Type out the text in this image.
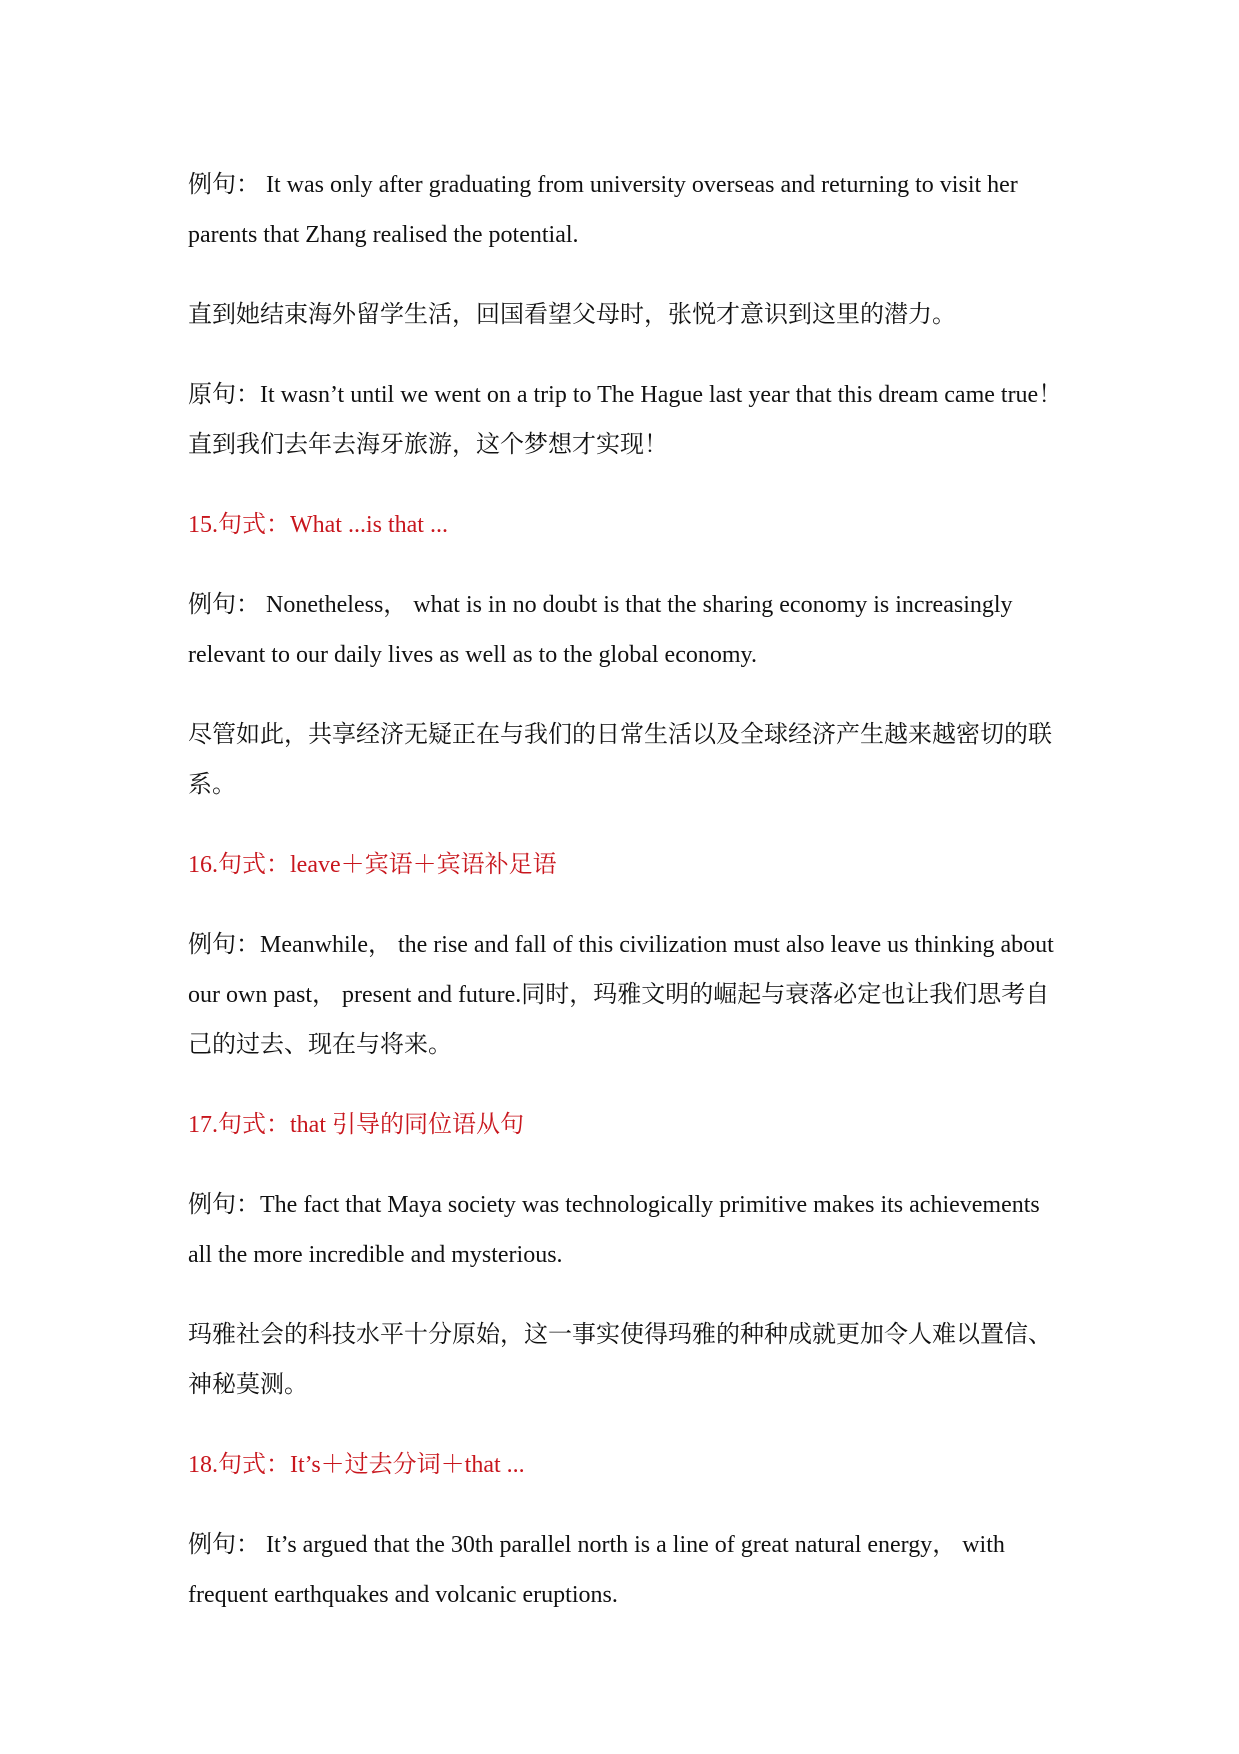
例句： It was only after graduating from university overseas and returning to visit her parents that Zhang realised the potential.

直到她结束海外留学生活，回国看望父母时，张悦才意识到这里的潜力。

原句：It wasn’t until we went on a trip to The Hague last year that this dream came true！直到我们去年去海牙旅游，这个梦想才实现！

15.句式：What ...is that ...

例句： Nonetheless， what is in no doubt is that the sharing economy is increasingly relevant to our daily lives as well as to the global economy.

尽管如此，共享经济无疑正在与我们的日常生活以及全球经济产生越来越密切的联系。

16.句式：leave＋宾语＋宾语补足语

例句：Meanwhile， the rise and fall of this civilization must also leave us thinking about our own past， present and future.同时，玛雅文明的崛起与衰落必定也让我们思考自己的过去、现在与将来。

17.句式：that 引导的同位语从句

例句：The fact that Maya society was technologically primitive makes its achievements all the more incredible and mysterious.

玛雅社会的科技水平十分原始，这一事实使得玛雅的种种成就更加令人难以置信、神秘莫测。

18.句式：It’s＋过去分词＋that ...

例句： It’s argued that the 30th parallel north is a line of great natural energy， with frequent earthquakes and volcanic eruptions.
